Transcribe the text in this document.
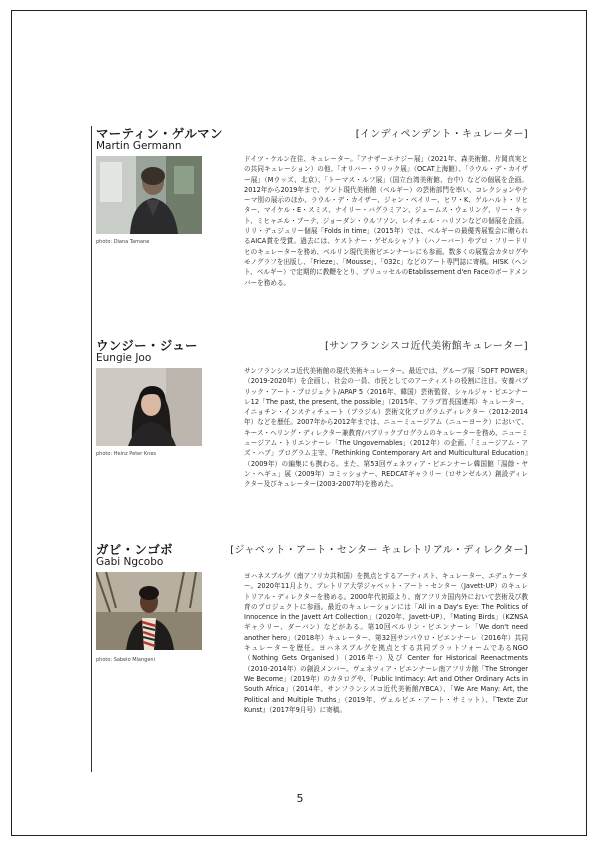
マーティン・ゲルマン
Martin Germann
[インディペンデント・キュレーター]
photo: Diana Tamane
ドイツ・ケルン在住、キュレーター。「アナザーエナジー展」（2021年、森美術館、片岡真実との共同キュレーション）の他、「オリバー・ラリック展」（OCAT上海館）、「ラウル・デ・カイザー展」（Mウッズ、北京）、「トーマス・ルフ展」（国立台湾美術館、台中）などの個展を企画。2012年から2019年まで、ゲント現代美術館（ベルギー）の芸術部門を率い、コレクションやテーマ別の展示のほか、ラウル・デ・カイザー、ジャン・ベイリー、ヒワ・K、ゲルハルト・リヒター、マイケル・E・スミス、ナイリー・バグラミアン、ジェームス・ウェリング、リー・キット、ミヒャエル・ブーテ、ジョーダン・ウルフソン、レイチェル・ハリソンなどの個展を企画。リリ・デュジュリー個展「Folds in time」（2015年）では、ベルギーの最優秀展覧会に贈られるAICA賞を受賞。過去には、ケストナー・ゲゼルシャフト（ハノーバー）やブロ・フリードリヒのキュレーターを務め、ベルリン現代美術ビエンナーレにも参画。数多くの展覧会カタログやモノグラフを出版し、「Frieze」、「Mousse」、「032c」などのアート専門誌に寄稿。HISK（ヘント、ベルギー）で定期的に教鞭をとり、ブリュッセルのEtablissement d'en Faceのボードメンバーを務める。
ウンジー・ジュー
Eungie Joo
[サンフランシスコ近代美術館キュレーター]
photo: Heinz Peter Knes
サンフランシスコ近代美術館の現代美術キュレーター。最近では、グループ展「SOFT POWER」（2019-2020年）を企画し、社会の一員、市民としてのアーティストの役割に注目。安養パブリック・アート・プロジェクト/APAP 5（2016年、韓国）芸術監督、シャルジャ・ビエンナーレ12「The past, the present, the possible」（2015年、アラブ首長国連邦）キュレーター、イニョチン・インスティチュート（ブラジル）芸術文化プログラムディレクター（2012-2014年）などを歴任。2007年から2012年までは、ニューミュージアム（ニューヨーク）において、キース・ヘリング・ディレクター兼教育/パブリックプログラムのキュレーターを務め、ニューミュージアム・トリエンナーレ「The Ungovernables」（2012年）の企画、「ミュージアム・アズ・ハブ」プログラム主宰、『Rethinking Contemporary Art and Multicultural Education』（2009年）の編集にも携わる。また、第53回ヴェネツィア・ビエンナーレ韓国館「湯餘・ヤン・ヘギュ」展（2009年）コミッショナー、REDCATギャラリー（ロサンゼルス）創設ディレクター及びキュレーター(2003-2007年)を務めた。
ガビ・ンゴボ
Gabi Ngcobo
[ジャベット・アート・センター キュレトリアル・ディレクター]
photo: Sabelo Mlangeni
ヨハネスブルグ（南アフリカ共和国）を拠点とするアーティスト、キュレーター、エデュケーター。2020年11月より、プレトリア大学ジャベット・アート・センター（Javett-UP）のキュレトリアル・ディレクターを務める。2000年代初頭より、南アフリカ国内外において芸術及び教育のプロジェクトに参画。最近のキュレーションには「All in a Day's Eye: The Politics of Innocence in the Javett Art Collection」（2020年、Javett-UP）、「Mating Birds」（KZNSAギャラリー、ダーバン）などがある。第10回ベルリン・ビエンナーレ「We don't need another hero」（2018年）キュレーター、第32回サンパウロ・ビエンナーレ（2016年）共同キュレーターを歴任。ヨハネスブルグを拠点とする共同プラットフォームであるNGO（Nothing Gets Organised）（2016年-）及び Center for Historical Reenactments（2010-2014年）の創設メンバー。ヴェネツィア・ビエンナーレ南アフリカ館「The Stronger We Become」（2019年）のカタログや、「Public Intimacy: Art and Other Ordinary Acts in South Africa」（2014年、サンフランシスコ近代美術館/YBCA）、「We Are Many: Art, the Political and Multiple Truths」（2019年、ヴェルビエ・アート・サミット）、『Texte Zur Kunst』（2017年9月号）に寄稿。
5
